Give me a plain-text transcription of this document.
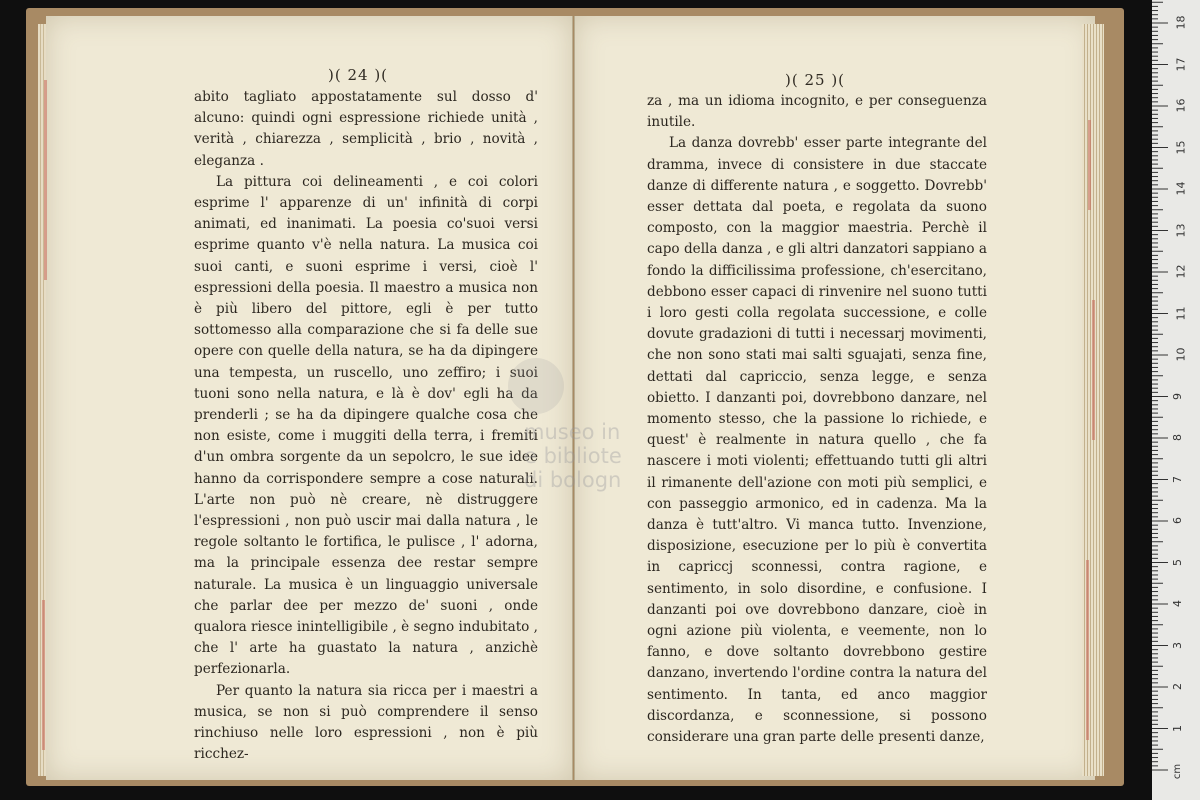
)( 24 )(

abito tagliato appostatamente sul dosso d' alcuno: quindi ogni espressione richiede unità , verità , chiarezza , semplicità , brio , novità , eleganza .

La pittura coi delineamenti , e coi colori esprime l' apparenze di un' infinità di corpi animati, ed inanimati. La poesia co'suoi versi esprime quanto v'è nella natura. La musica coi suoi canti, e suoni esprime i versi, cioè l' espressioni della poesia. Il maestro a musica non è più libero del pittore, egli è per tutto sottomesso alla comparazione che si fa delle sue opere con quelle della natura, se ha da dipingere una tempesta, un ruscello, uno zeffiro; i suoi tuoni sono nella natura, e là è dov' egli ha da prenderli ; se ha da dipingere qualche cosa che non esiste, come i muggiti della terra, i fremiti d'un ombra sorgente da un sepolcro, le sue idee hanno da corrispondere sempre a cose naturali. L'arte non può nè creare, nè distruggere l'espressioni , non può uscir mai dalla natura , le regole soltanto le fortifica, le pulisce , l' adorna, ma la principale essenza dee restar sempre naturale. La musica è un linguaggio universale che parlar dee per mezzo de' suoni , onde qualora riesce inintelligibile , è segno indubitato , che l' arte ha guastato la natura , anzichè perfezionarla.

Per quanto la natura sia ricca per i maestri a musica, se non si può comprendere il senso rinchiuso nelle loro espressioni , non è più ricchez-

)( 25 )(

za , ma un idioma incognito, e per conseguenza inutile.

La danza dovrebb' esser parte integrante del dramma, invece di consistere in due staccate danze di differente natura , e soggetto. Dovrebb' esser dettata dal poeta, e regolata da suono composto, con la maggior maestria. Perchè il capo della danza , e gli altri danzatori sappiano a fondo la difficilissima professione, ch'esercitano, debbono esser capaci di rinvenire nel suono tutti i loro gesti colla regolata successione, e colle dovute gradazioni di tutti i necessarj movimenti, che non sono stati mai salti sguajati, senza fine, dettati dal capriccio, senza legge, e senza obietto. I danzanti poi, dovrebbono danzare, nel momento stesso, che la passione lo richiede, e quest' è realmente in natura quello , che fa nascere i moti violenti; effettuando tutti gli altri il rimanente dell'azione con moti più semplici, e con passeggio armonico, ed in cadenza. Ma la danza è tutt'altro. Vi manca tutto. Invenzione, disposizione, esecuzione per lo più è convertita in capriccj sconnessi, contra ragione, e sentimento, in solo disordine, e confusione. I danzanti poi ove dovrebbono danzare, cioè in ogni azione più violenta, e veemente, non lo fanno, e dove soltanto dovrebbono gestire danzano, invertendo l'ordine contra la natura del sentimento. In tanta, ed anco maggior discordanza, e sconnessione, si possono considerare una gran parte delle presenti danze,

museo in
e bibliote
di bologn
cm
1
2
3
4
5
6
7
8
9
10
11
12
13
14
15
16
17
18
